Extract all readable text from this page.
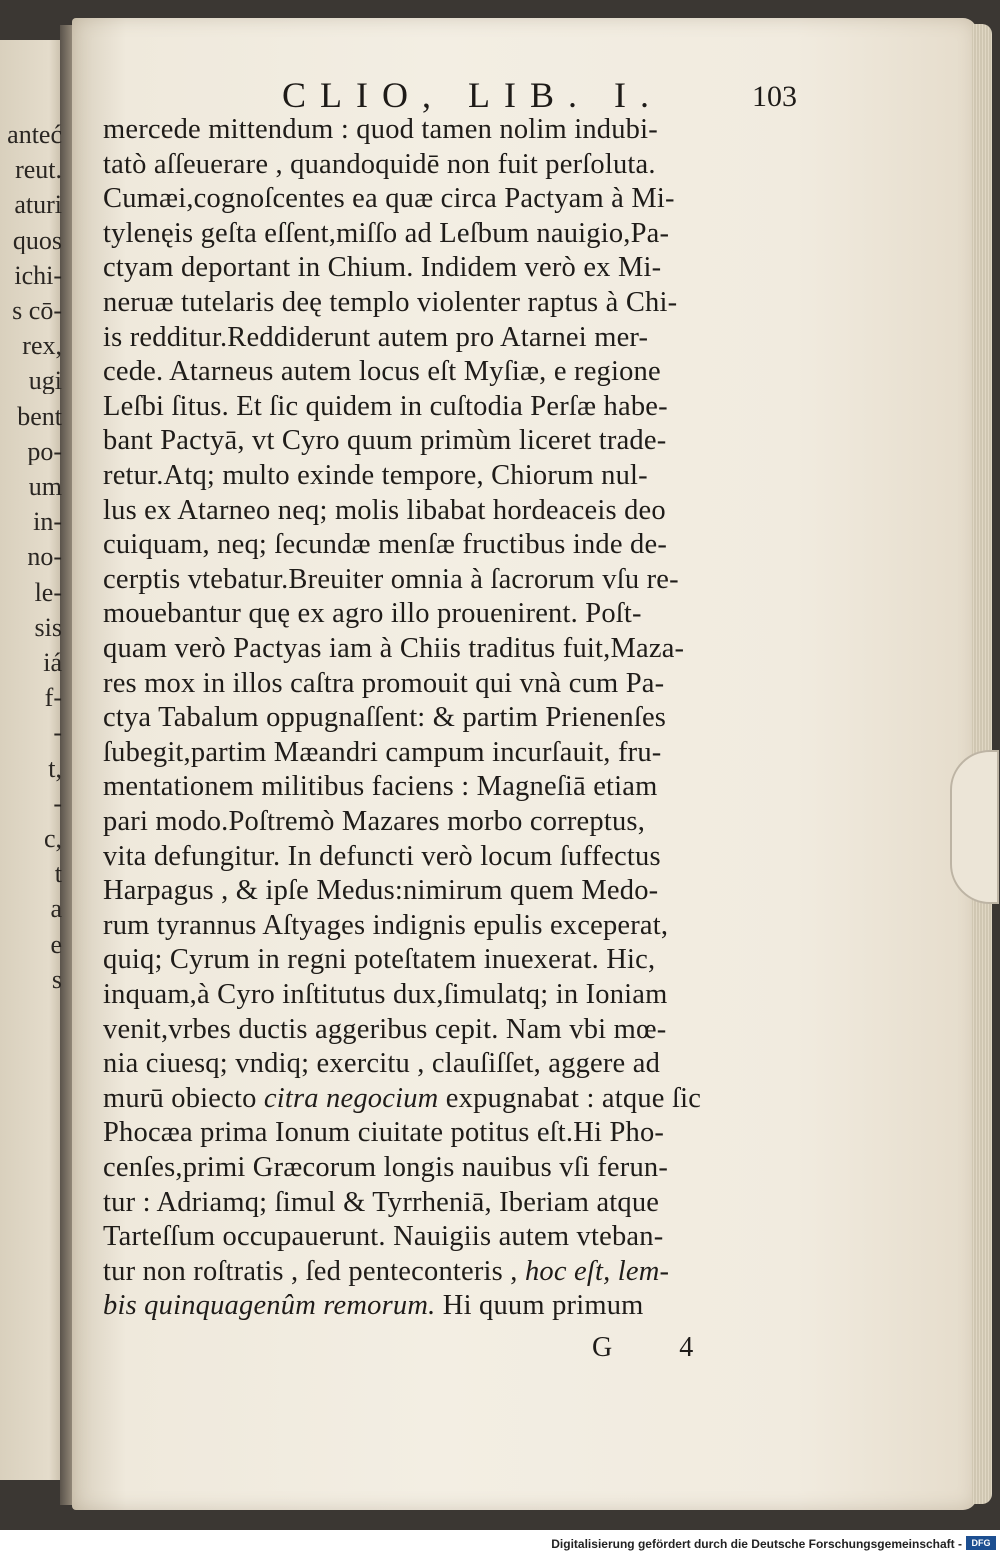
anteć
reut.
aturi
quos
ichi-
s cō-
rex,
ugi
bent
po-
um
in-
no-
le-
sis
iá
f-
-
t,
-
c,
t
a
e
s
CLIO, LIB. I.	103
mercede mittendum : quod tamen nolim indubi-
tatò aſſeuerare , quandoquidē non fuit perſoluta.
Cumæi,cognoſcentes ea quæ circa Pactyam à Mi-
tylenęis geſta eſſent,miſſo ad Leſbum nauigio,Pa-
ctyam deportant in Chium. Indidem verò ex Mi-
neruæ tutelaris deę templo violenter raptus à Chi-
is redditur.Reddiderunt autem pro Atarnei mer-
cede. Atarneus autem locus eſt Myſiæ, e regione
Leſbi ſitus. Et ſic quidem in cuſtodia Perſæ habe-
bant Pactyā, vt Cyro quum primùm liceret trade-
retur.Atq; multo exinde tempore, Chiorum nul-
lus ex Atarneo neq; molis libabat hordeaceis deo
cuiquam, neq; ſecundæ menſæ fructibus inde de-
cerptis vtebatur.Breuiter omnia à ſacrorum vſu re-
mouebantur quę ex agro illo prouenirent. Poſt-
quam verò Pactyas iam à Chiis traditus fuit,Maza-
res mox in illos caſtra promouit qui vnà cum Pa-
ctya Tabalum oppugnaſſent: & partim Prienenſes
ſubegit,partim Mæandri campum incurſauit, fru-
mentationem militibus faciens : Magneſiā etiam
pari modo.Poſtremò Mazares morbo correptus,
vita defungitur. In defuncti verò locum ſuffectus
Harpagus , & ipſe Medus:nimirum quem Medo-
rum tyrannus Aſtyages indignis epulis exceperat,
quiq; Cyrum in regni poteſtatem inuexerat. Hic,
inquam,à Cyro inſtitutus dux,ſimulatq; in Ioniam
venit,vrbes ductis aggeribus cepit. Nam vbi mœ-
nia ciuesq; vndiq; exercitu , clauſiſſet, aggere ad
murū obiecto citra negocium expugnabat : atque ſic
Phocæa prima Ionum ciuitate potitus eſt.Hi Pho-
cenſes,primi Græcorum longis nauibus vſi ferun-
tur : Adriamq; ſimul & Tyrrheniā, Iberiam atque
Tarteſſum occupauerunt. Nauigiis autem vteban-
tur non roſtratis , ſed penteconteris , hoc eſt, lem-
bis quinquagenûm remorum. Hi quum primum
G 4
Digitalisierung gefördert durch die Deutsche Forschungsgemeinschaft -	DFG
